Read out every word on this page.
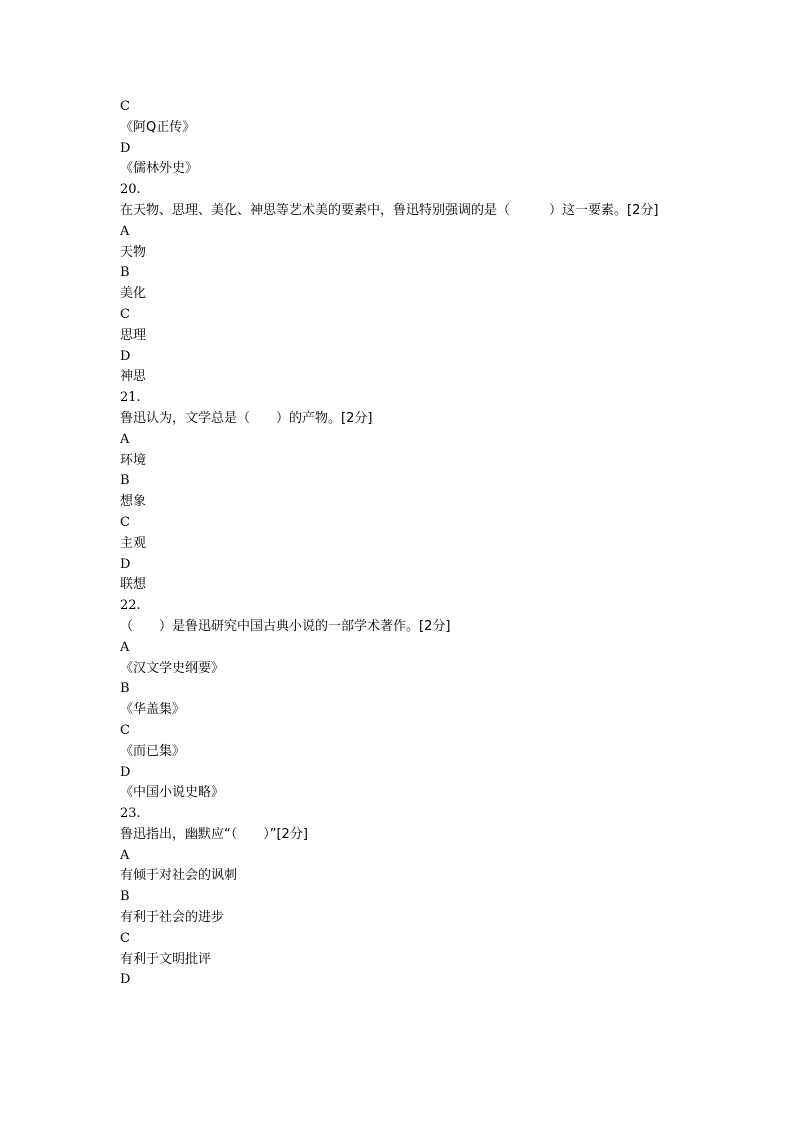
C

《阿Q正传》

D

《儒林外史》

20.

在天物、思理、美化、神思等艺术美的要素中，鲁迅特别强调的是（　　　）这一要素。[2分]

A

天物

B

美化

C

思理

D

神思

21.

鲁迅认为，文学总是（　　）的产物。[2分]

A

环境

B

想象

C

主观

D

联想

22.

（　　）是鲁迅研究中国古典小说的一部学术著作。[2分]

A

《汉文学史纲要》

B

《华盖集》

C

《而已集》

D

《中国小说史略》

23.

鲁迅指出，幽默应“（　　）”[2分]

A

有倾于对社会的讽刺

B

有利于社会的进步

C

有利于文明批评

D
